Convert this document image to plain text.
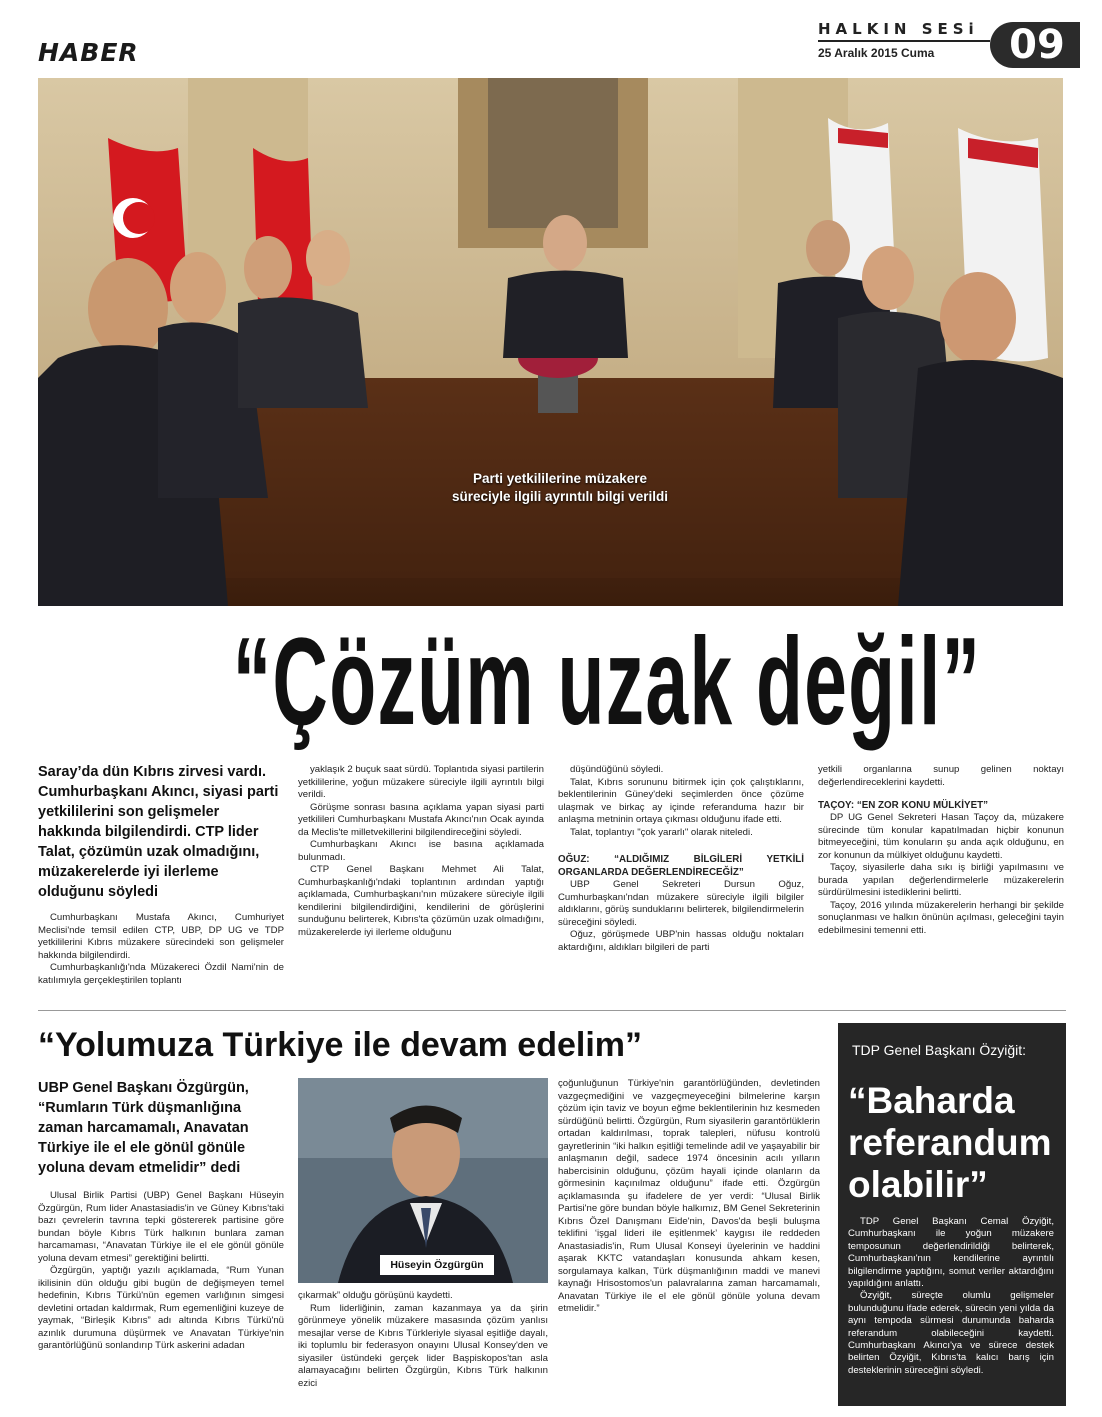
HABER
HALKIN SESi
25 Aralık 2015 Cuma 09
Parti yetkililerine müzakere
süreciyle ilgili ayrıntılı bilgi verildi
“Çözüm uzak değil”
Saray’da dün Kıbrıs zirvesi vardı. Cumhurbaşkanı Akıncı, siyasi parti yetkililerini son gelişmeler hakkında bilgilendirdi. CTP lider Talat, çözümün uzak olmadığını, müzakerelerde iyi ilerleme olduğunu söyledi

Cumhurbaşkanı Mustafa Akıncı, Cumhuriyet Meclisi'nde temsil edilen CTP, UBP, DP UG ve TDP yetkililerini Kıbrıs müzakere sürecindeki son gelişmeler hakkında bilgilendirdi.

Cumhurbaşkanlığı'nda Müzakereci Özdil Nami'nin de katılımıyla gerçekleştirilen toplantı

yaklaşık 2 buçuk saat sürdü. Toplantıda siyasi partilerin yetkililerine, yoğun müzakere süreciyle ilgili ayrıntılı bilgi verildi.

Görüşme sonrası basına açıklama yapan siyasi parti yetkilileri Cumhurbaşkanı Mustafa Akıncı'nın Ocak ayında da Meclis'te milletvekillerini bilgilendireceğini söyledi.

Cumhurbaşkanı Akıncı ise basına açıklamada bulunmadı.

CTP Genel Başkanı Mehmet Ali Talat, Cumhurbaşkanlığı'ndaki toplantının ardından yaptığı açıklamada, Cumhurbaşkanı'nın müzakere süreciyle ilgili kendilerini bilgilendirdiğini, kendilerini de görüşlerini sunduğunu belirterek, Kıbrıs'ta çözümün uzak olmadığını, müzakerelerde iyi ilerleme olduğunu

düşündüğünü söyledi.

Talat, Kıbrıs sorununu bitirmek için çok çalıştıklarını, beklentilerinin Güney'deki seçimlerden önce çözüme ulaşmak ve birkaç ay içinde referanduma hazır bir anlaşma metninin ortaya çıkması olduğunu ifade etti.

Talat, toplantıyı "çok yararlı" olarak niteledi.

OĞUZ: “ALDIĞIMIZ BİLGİLERİ YETKİLİ ORGANLARDA DEĞERLENDİRECEĞİZ”

UBP Genel Sekreteri Dursun Oğuz, Cumhurbaşkanı'ndan müzakere süreciyle ilgili bilgiler aldıklarını, görüş sunduklarını belirterek, bilgilendirmelerin süreceğini söyledi.

Oğuz, görüşmede UBP'nin hassas olduğu noktaları aktardığını, aldıkları bilgileri de parti

yetkili organlarına sunup gelinen noktayı değerlendireceklerini kaydetti.

TAÇOY: “EN ZOR KONU MÜLKİYET”

DP UG Genel Sekreteri Hasan Taçoy da, müzakere sürecinde tüm konular kapatılmadan hiçbir konunun bitmeyeceğini, tüm konuların şu anda açık olduğunu, en zor konunun da mülkiyet olduğunu kaydetti.

Taçoy, siyasilerle daha sıkı iş birliği yapılmasını ve burada yapılan değerlendirmelerle müzakerelerin sürdürülmesini istediklerini belirtti.

Taçoy, 2016 yılında müzakerelerin herhangi bir şekilde sonuçlanması ve halkın önünün açılması, geleceğini tayin edebilmesini temenni etti.

“Yolumuza Türkiye ile devam edelim”
UBP Genel Başkanı Özgürgün, “Rumların Türk düşmanlığına zaman harcamamalı, Anavatan Türkiye ile el ele gönül gönüle yoluna devam etmelidir” dedi

Ulusal Birlik Partisi (UBP) Genel Başkanı Hüseyin Özgürgün, Rum lider Anastasiadis'in ve Güney Kıbrıs'taki bazı çevrelerin tavrına tepki göstererek partisine göre bundan böyle Kıbrıs Türk halkının bunlara zaman harcamaması, “Anavatan Türkiye ile el ele gönül gönüle yoluna devam etmesi” gerektiğini belirtti.

Özgürgün, yaptığı yazılı açıklamada, “Rum Yunan ikilisinin dün olduğu gibi bugün de değişmeyen temel hedefinin, Kıbrıs Türkü'nün egemen varlığının simgesi devletini ortadan kaldırmak, Rum egemenliğini kuzeye de yaymak, “Birleşik Kıbrıs” adı altında Kıbrıs Türkü'nü azınlık durumuna düşürmek ve Anavatan Türkiye'nin garantörlüğünü sonlandırıp Türk askerini adadan

Hüseyin Özgürgün

çıkarmak” olduğu görüşünü kaydetti.

Rum liderliğinin, zaman kazanmaya ya da şirin görünmeye yönelik müzakere masasında çözüm yanlısı mesajlar verse de Kıbrıs Türkleriyle siyasal eşitliğe dayalı, iki toplumlu bir federasyon onayını Ulusal Konsey'den ve siyasiler üstündeki gerçek lider Başpiskopos'tan asla alamayacağını belirten Özgürgün, Kıbrıs Türk halkının ezici

çoğunluğunun Türkiye'nin garantörlüğünden, devletinden vazgeçmediğini ve vazgeçmeyeceğini bilmelerine karşın çözüm için taviz ve boyun eğme beklentilerinin hız kesmeden sürdüğünü belirtti. Özgürgün, Rum siyasilerin garantörlüklerin ortadan kaldırılması, toprak talepleri, nüfusu kontrolü gayretlerinin “iki halkın eşitliği temelinde adil ve yaşayabilir bir anlaşmanın değil, sadece 1974 öncesinin acılı yılların habercisinin olduğunu, çözüm hayali içinde olanların da görmesinin kaçınılmaz olduğunu” ifade etti. Özgürgün açıklamasında şu ifadelere de yer verdi: “Ulusal Birlik Partisi'ne göre bundan böyle halkımız, BM Genel Sekreterinin Kıbrıs Özel Danışmanı Eide'nin, Davos'da beşli buluşma teklifini ‘işgal lideri ile eşitlenmek’ kaygısı ile reddeden Anastasiadis'in, Rum Ulusal Konseyi üyelerinin ve haddini aşarak KKTC vatandaşları konusunda ahkam kesen, sorgulamaya kalkan, Türk düşmanlığının maddi ve manevi kaynağı Hrisostomos'un palavralarına zaman harcamamalı, Anavatan Türkiye ile el ele gönül gönüle yoluna devam etmelidir.”

TDP Genel Başkanı Özyiğit:
“Baharda referandum olabilir”

TDP Genel Başkanı Cemal Özyiğit, Cumhurbaşkanı ile yoğun müzakere temposunun değerlendirildiği belirterek, Cumhurbaşkanı'nın kendilerine ayrıntılı bilgilendirme yaptığını, somut veriler aktardığını yapıldığını anlattı.

Özyiğit, süreçte olumlu gelişmeler bulunduğunu ifade ederek, sürecin yeni yılda da aynı tempoda sürmesi durumunda baharda referandum olabileceğini kaydetti. Cumhurbaşkanı Akıncı'ya ve sürece destek belirten Özyiğit, Kıbrıs'ta kalıcı barış için desteklerinin süreceğini söyledi.
